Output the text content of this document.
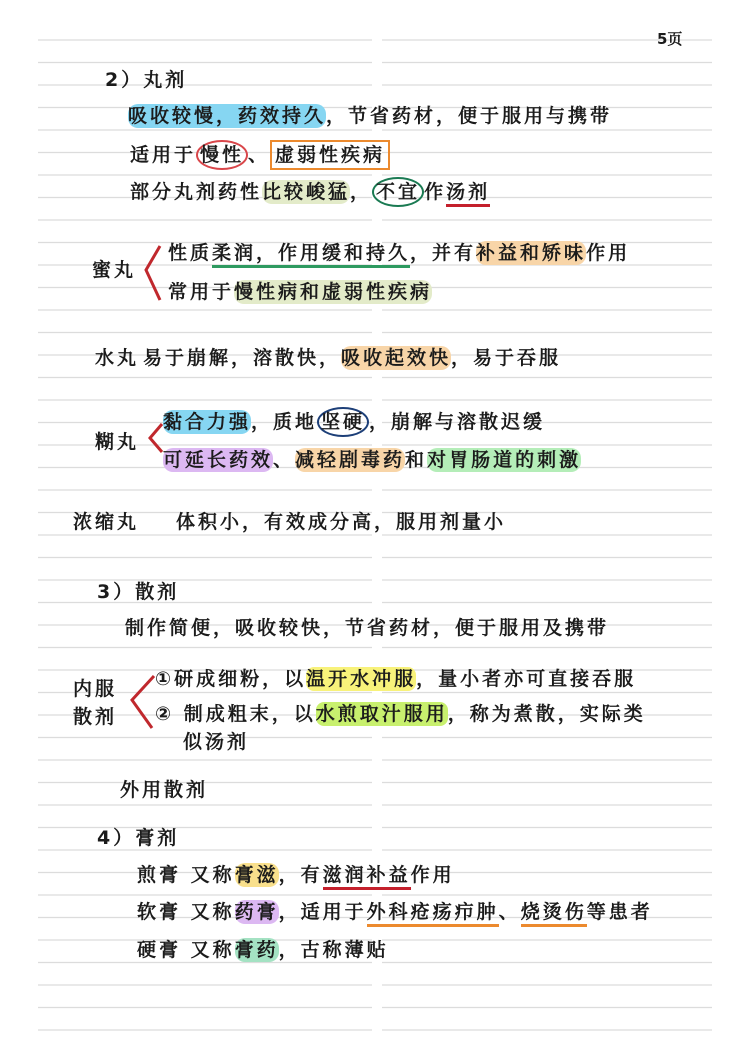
5页
2）丸剂
吸收较慢，药效持久，节省药材，便于服用与携带
适用于 慢性 、 虚弱性疾病
部分丸剂药性比较峻猛， 不宜 作汤剂
蜜丸
性质柔润，作用缓和持久，并有补益和矫味作用
常用于慢性病和虚弱性疾病
水丸 易于崩解，溶散快，吸收起效快，易于吞服
糊丸
黏合力强，质地 坚硬 ，崩解与溶散迟缓
可延长药效、减轻剧毒药和对胃肠道的刺激
浓缩丸 体积小，有效成分高，服用剂量小
3）散剂
制作简便，吸收较快，节省药材，便于服用及携带
内服
散剂
①研成细粉，以温开水冲服，量小者亦可直接吞服
② 制成粗末，以水煎取汁服用，称为煮散，实际类
似汤剂
外用散剂
4）膏剂
煎膏 又称膏滋，有滋润补益作用
软膏 又称药膏，适用于外科疮疡疖肿、烧烫伤等患者
硬膏 又称膏药，古称薄贴
